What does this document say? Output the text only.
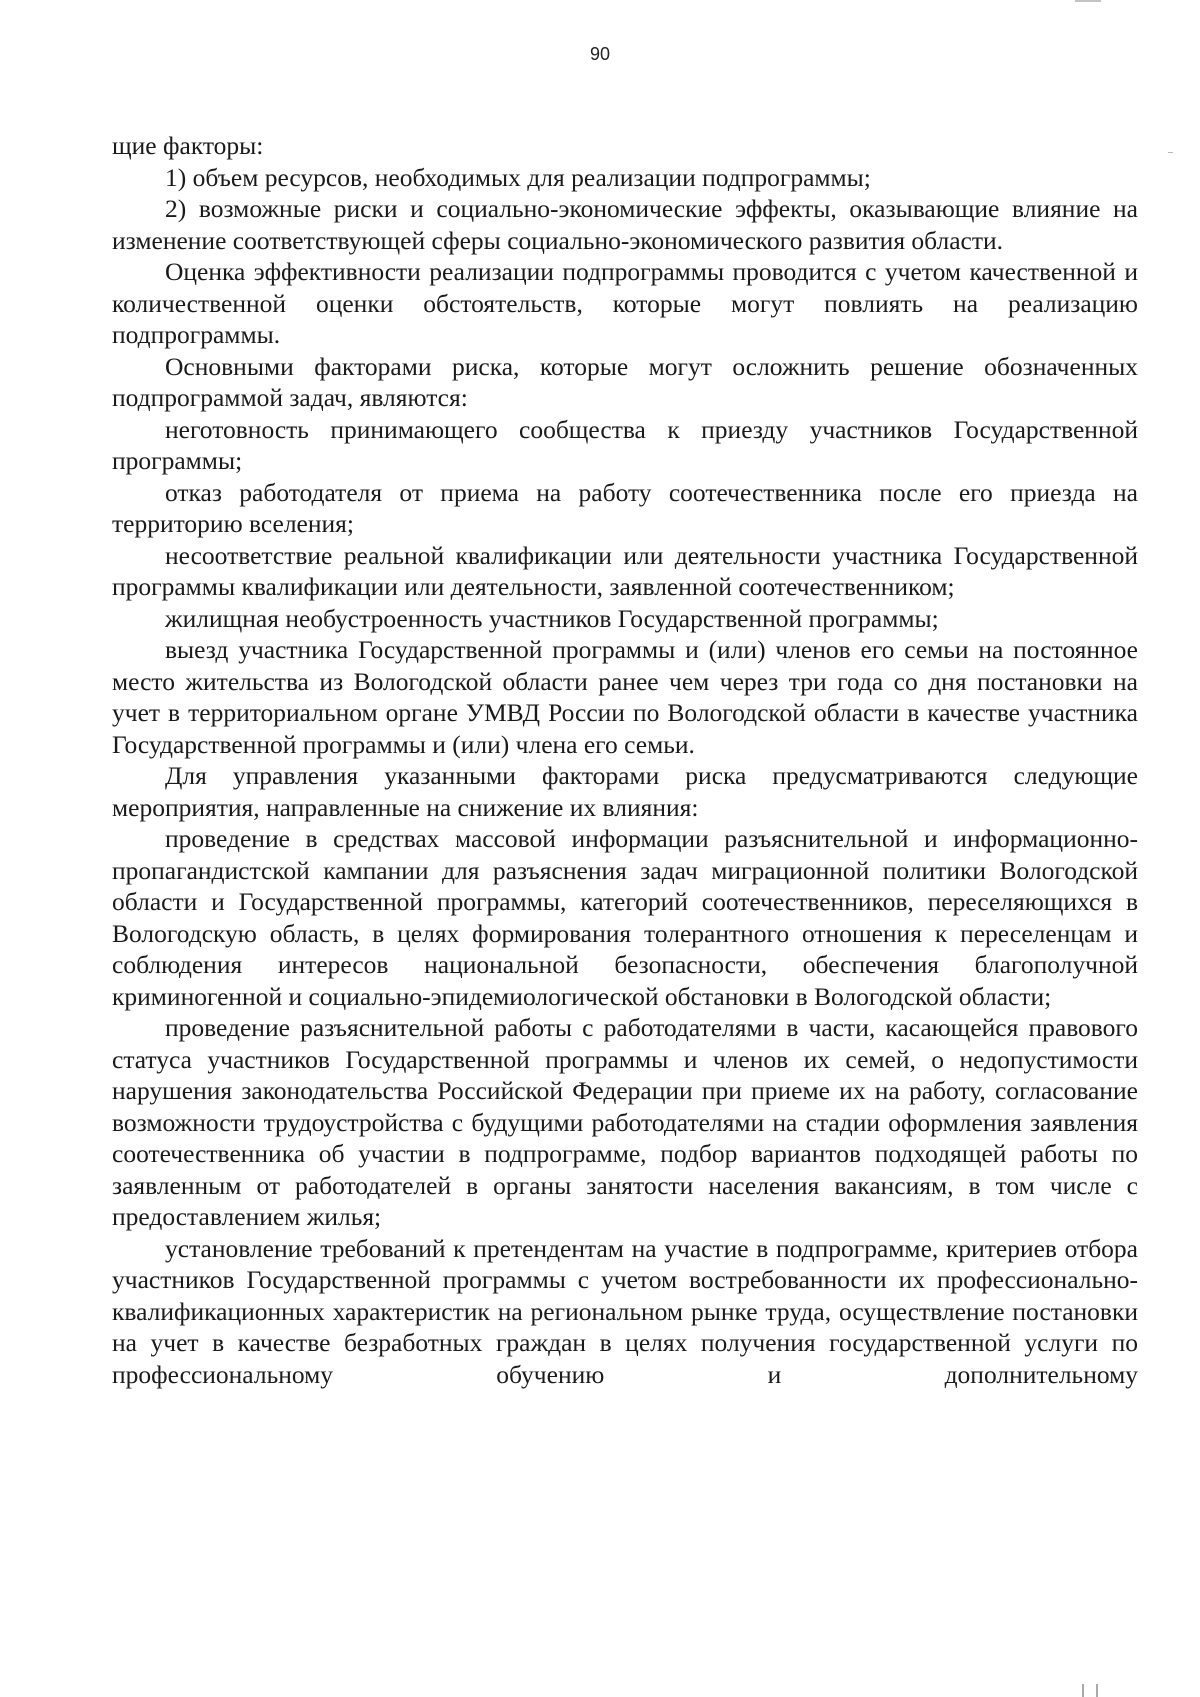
90

щие факторы:

1) объем ресурсов, необходимых для реализации подпрограммы;

2) возможные риски и социально-экономические эффекты, оказывающие влияние на изменение соответствующей сферы социально-экономического развития области.

Оценка эффективности реализации подпрограммы проводится с учетом качественной и количественной оценки обстоятельств, которые могут повлиять на реализацию подпрограммы.

Основными факторами риска, которые могут осложнить решение обозначенных подпрограммой задач, являются:

неготовность принимающего сообщества к приезду участников Государственной программы;

отказ работодателя от приема на работу соотечественника после его приезда на территорию вселения;

несоответствие реальной квалификации или деятельности участника Государственной программы квалификации или деятельности, заявленной соотечественником;

жилищная необустроенность участников Государственной программы;

выезд участника Государственной программы и (или) членов его семьи на постоянное место жительства из Вологодской области ранее чем через три года со дня постановки на учет в территориальном органе УМВД России по Вологодской области в качестве участника Государственной программы и (или) члена его семьи.

Для управления указанными факторами риска предусматриваются следующие мероприятия, направленные на снижение их влияния:

проведение в средствах массовой информации разъяснительной и информационно-пропагандистской кампании для разъяснения задач миграционной политики Вологодской области и Государственной программы, категорий соотечественников, переселяющихся в Вологодскую область, в целях формирования толерантного отношения к переселенцам и соблюдения интересов национальной безопасности, обеспечения благополучной криминогенной и социально-эпидемиологической обстановки в Вологодской области;

проведение разъяснительной работы с работодателями в части, касающейся правового статуса участников Государственной программы и членов их семей, о недопустимости нарушения законодательства Российской Федерации при приеме их на работу, согласование возможности трудоустройства с будущими работодателями на стадии оформления заявления соотечественника об участии в подпрограмме, подбор вариантов подходящей работы по заявленным от работодателей в органы занятости населения вакансиям, в том числе с предоставлением жилья;

установление требований к претендентам на участие в подпрограмме, критериев отбора участников Государственной программы с учетом востребованности их профессионально-квалификационных характеристик на региональном рынке труда, осуществление постановки на учет в качестве безработных граждан в целях получения государственной услуги по профессиональному обучению и дополнительному
